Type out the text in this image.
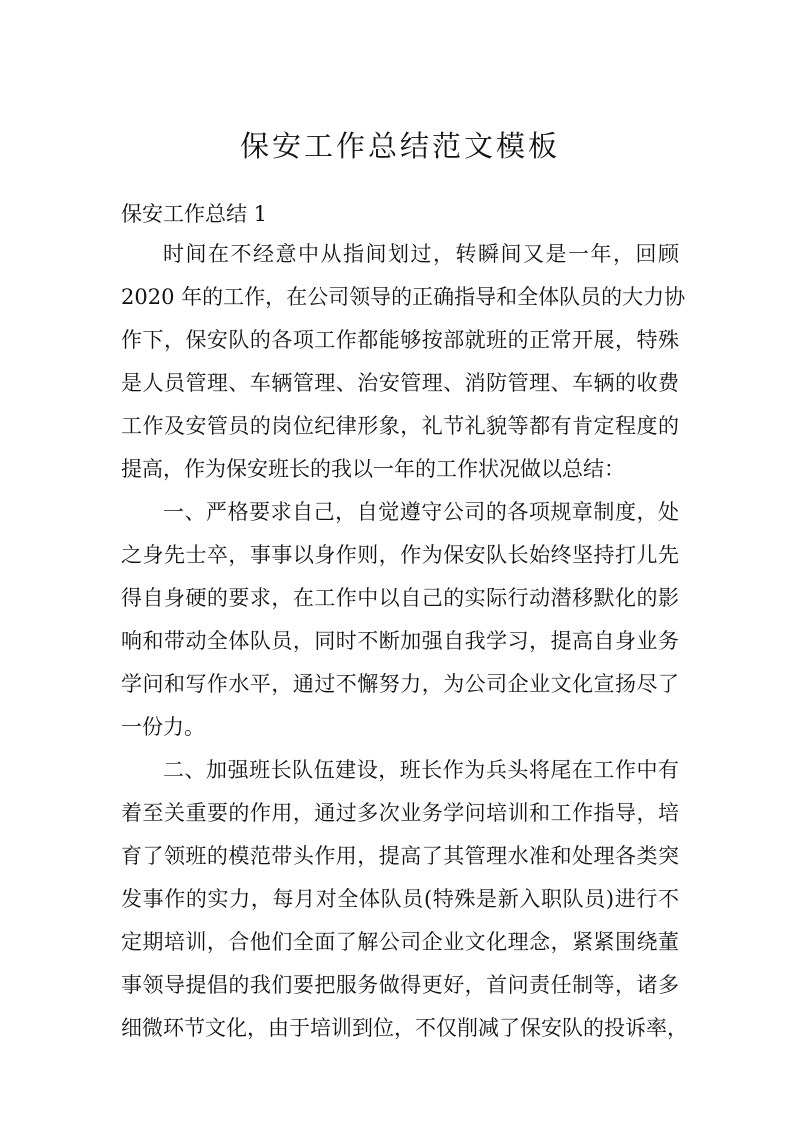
保安工作总结范文模板
保安工作总结 1

时间在不经意中从指间划过，转瞬间又是一年，回顾

2020 年的工作，在公司领导的正确指导和全体队员的大力协

作下，保安队的各项工作都能够按部就班的正常开展，特殊

是人员管理、车辆管理、治安管理、消防管理、车辆的收费

工作及安管员的岗位纪律形象，礼节礼貌等都有肯定程度的

提高，作为保安班长的我以一年的工作状况做以总结：

一、严格要求自己，自觉遵守公司的各项规章制度，处

之身先士卒，事事以身作则，作为保安队长始终坚持打儿先

得自身硬的要求，在工作中以自己的实际行动潜移默化的影

响和带动全体队员，同时不断加强自我学习，提高自身业务

学问和写作水平，通过不懈努力，为公司企业文化宣扬尽了

一份力。

二、加强班长队伍建设，班长作为兵头将尾在工作中有

着至关重要的作用，通过多次业务学问培训和工作指导，培

育了领班的模范带头作用，提高了其管理水准和处理各类突

发事作的实力，每月对全体队员(特殊是新入职队员)进行不

定期培训，合他们全面了解公司企业文化理念，紧紧围绕董

事领导提倡的我们要把服务做得更好，首问责任制等，诸多

细微环节文化，由于培训到位，不仅削减了保安队的投诉率，
